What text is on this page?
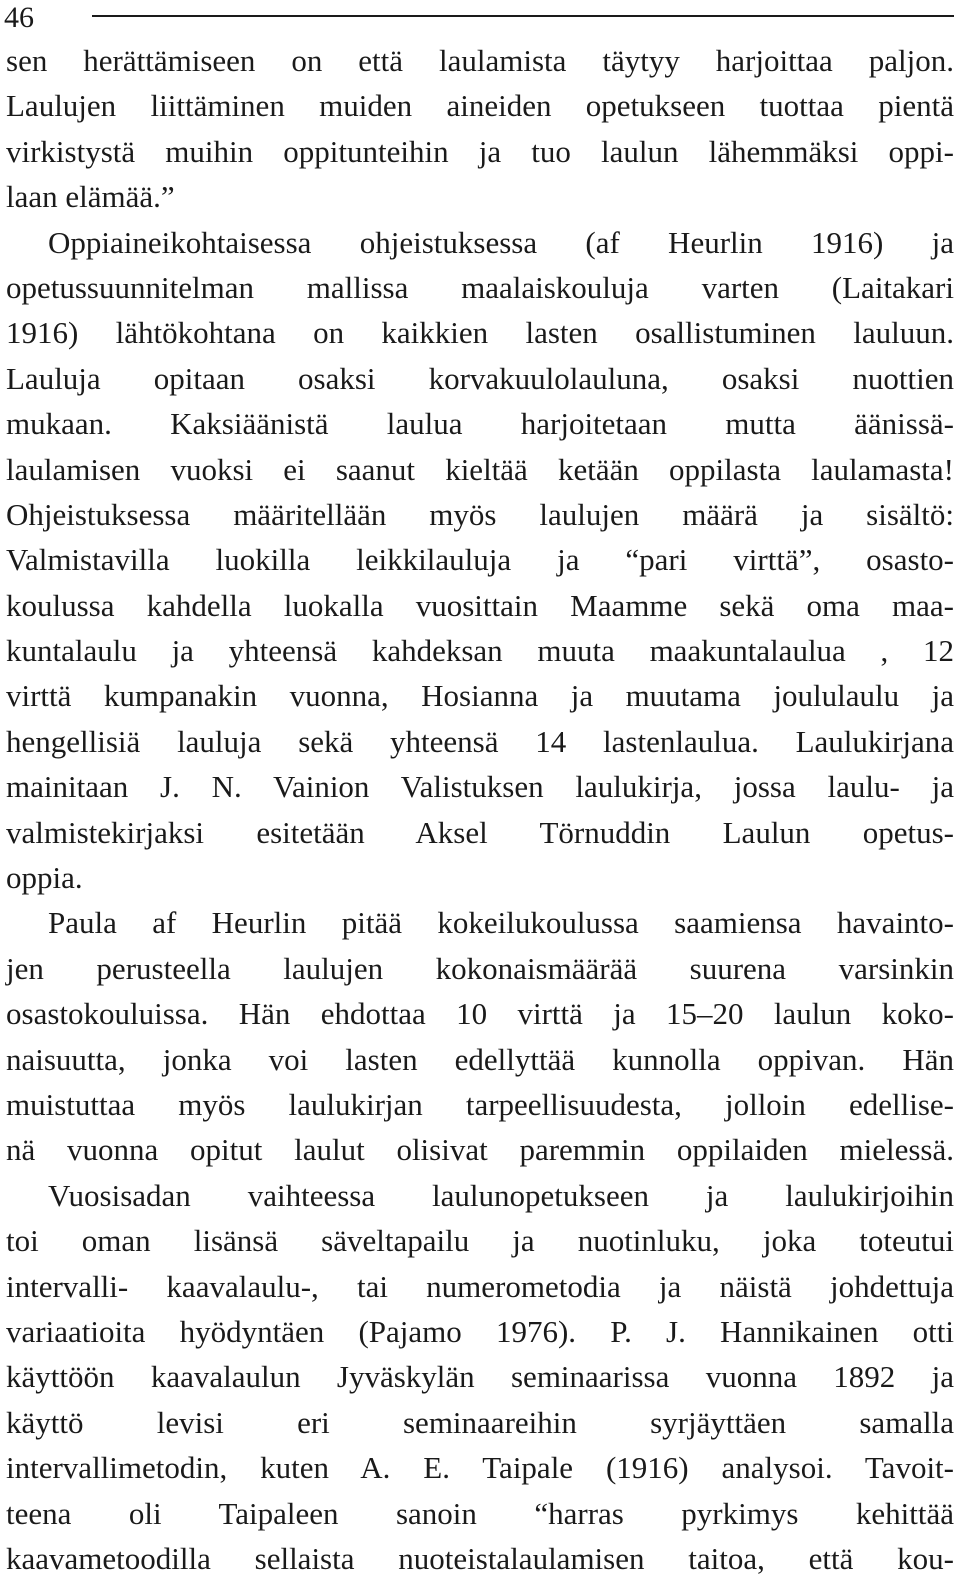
46
sen herättämiseen on että laulamista täytyy harjoittaa paljon.
Laulujen liittäminen muiden aineiden opetukseen tuottaa pientä
virkistystä muihin oppitunteihin ja tuo laulun lähemmäksi oppi-
laan elämää.”
Oppiaineikohtaisessa ohjeistuksessa (af Heurlin 1916) ja
opetussuunnitelman mallissa maalaiskouluja varten (Laitakari
1916) lähtökohtana on kaikkien lasten osallistuminen lauluun.
Lauluja opitaan osaksi korvakuulolauluna, osaksi nuottien
mukaan. Kaksiäänistä laulua harjoitetaan mutta äänissä-
laulamisen vuoksi ei saanut kieltää ketään oppilasta laulamasta!
Ohjeistuksessa määritellään myös laulujen määrä ja sisältö:
Valmistavilla luokilla leikkilauluja ja “pari virttä”, osasto-
koulussa kahdella luokalla vuosittain Maamme sekä oma maa-
kuntalaulu ja yhteensä kahdeksan muuta maakuntalaulua , 12
virttä kumpanakin vuonna, Hosianna ja muutama joululaulu ja
hengellisiä lauluja sekä yhteensä 14 lastenlaulua. Laulukirjana
mainitaan J. N. Vainion Valistuksen laulukirja, jossa laulu- ja
valmistekirjaksi esitetään Aksel Törnuddin Laulun opetus-
oppia.
Paula af Heurlin pitää kokeilukoulussa saamiensa havainto-
jen perusteella laulujen kokonaismäärää suurena varsinkin
osastokouluissa. Hän ehdottaa 10 virttä ja 15–20 laulun koko-
naisuutta, jonka voi lasten edellyttää kunnolla oppivan. Hän
muistuttaa myös laulukirjan tarpeellisuudesta, jolloin edellise-
nä vuonna opitut laulut olisivat paremmin oppilaiden mielessä.
Vuosisadan vaihteessa laulunopetukseen ja laulukirjoihin
toi oman lisänsä säveltapailu ja nuotinluku, joka toteutui
intervalli- kaavalaulu-, tai numerometodia ja näistä johdettuja
variaatioita hyödyntäen (Pajamo 1976). P. J. Hannikainen otti
käyttöön kaavalaulun Jyväskylän seminaarissa vuonna 1892 ja
käyttö levisi eri seminaareihin syrjäyttäen samalla
intervallimetodin, kuten A. E. Taipale (1916) analysoi. Tavoit-
teena oli Taipaleen sanoin “harras pyrkimys kehittää
kaavametoodilla sellaista nuoteistalaulamisen taitoa, että kou-
